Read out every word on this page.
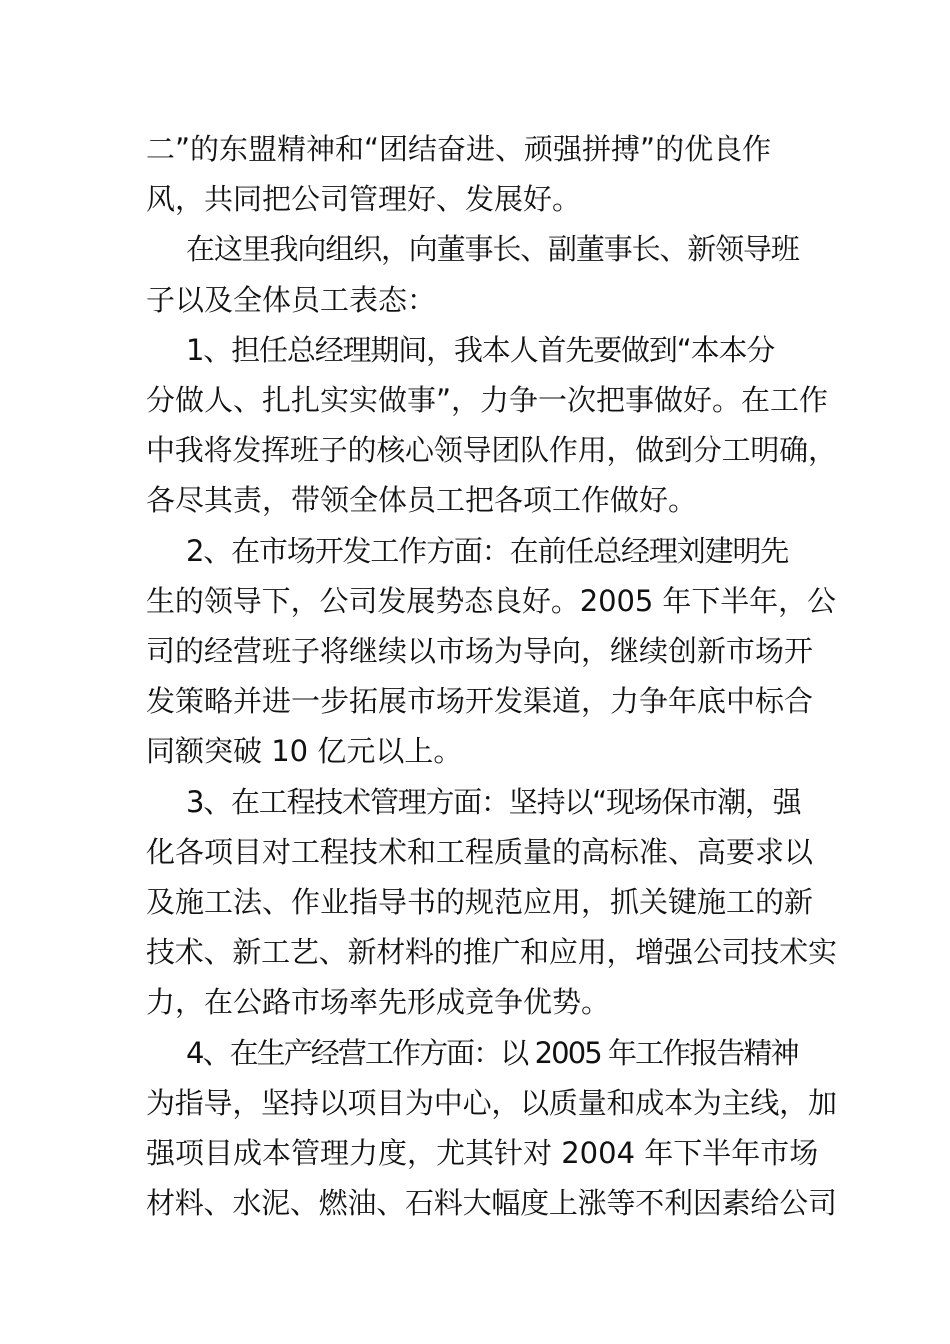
二”的东盟精神和“团结奋进、顽强拼搏”的优良作

风，共同把公司管理好、发展好。

在这里我向组织，向董事长、副董事长、新领导班

子以及全体员工表态：

1、担任总经理期间，我本人首先要做到“本本分

分做人、扎扎实实做事”，力争一次把事做好。在工作

中我将发挥班子的核心领导团队作用，做到分工明确，

各尽其责，带领全体员工把各项工作做好。

2、在市场开发工作方面：在前任总经理刘建明先

生的领导下，公司发展势态良好。2005 年下半年，公

司的经营班子将继续以市场为导向，继续创新市场开

发策略并进一步拓展市场开发渠道，力争年底中标合

同额突破 10 亿元以上。

3、在工程技术管理方面：坚持以“现场保市潮，强

化各项目对工程技术和工程质量的高标准、高要求以

及施工法、作业指导书的规范应用，抓关键施工的新

技术、新工艺、新材料的推广和应用，增强公司技术实

力，在公路市场率先形成竞争优势。

4、在生产经营工作方面：以 2005 年工作报告精神

为指导，坚持以项目为中心，以质量和成本为主线，加

强项目成本管理力度，尤其针对 2004 年下半年市场

材料、水泥、燃油、石料大幅度上涨等不利因素给公司
